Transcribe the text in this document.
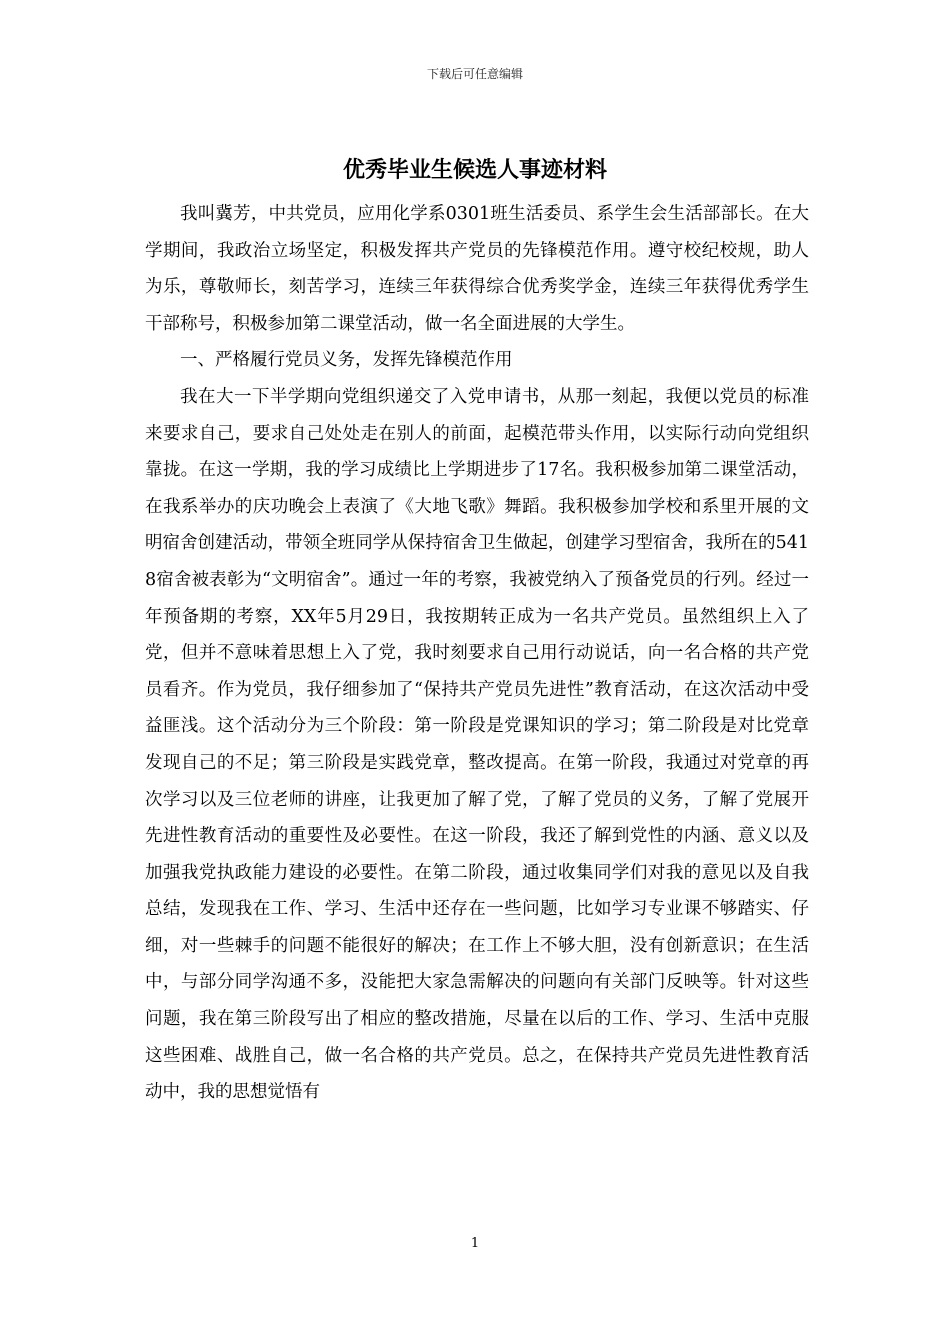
下载后可任意编辑
优秀毕业生候选人事迹材料

我叫冀芳，中共党员，应用化学系0301班生活委员、系学生会生活部部长。在大学期间，我政治立场坚定，积极发挥共产党员的先锋模范作用。遵守校纪校规，助人为乐，尊敬师长，刻苦学习，连续三年获得综合优秀奖学金，连续三年获得优秀学生干部称号，积极参加第二课堂活动，做一名全面进展的大学生。

一、严格履行党员义务，发挥先锋模范作用

我在大一下半学期向党组织递交了入党申请书，从那一刻起，我便以党员的标准来要求自己，要求自己处处走在别人的前面，起模范带头作用，以实际行动向党组织靠拢。在这一学期，我的学习成绩比上学期进步了17名。我积极参加第二课堂活动，在我系举办的庆功晚会上表演了《大地飞歌》舞蹈。我积极参加学校和系里开展的文明宿舍创建活动，带领全班同学从保持宿舍卫生做起，创建学习型宿舍，我所在的5418宿舍被表彰为“文明宿舍”。通过一年的考察，我被党纳入了预备党员的行列。经过一年预备期的考察，XX年5月29日，我按期转正成为一名共产党员。虽然组织上入了党，但并不意味着思想上入了党，我时刻要求自己用行动说话，向一名合格的共产党员看齐。作为党员，我仔细参加了“保持共产党员先进性”教育活动，在这次活动中受益匪浅。这个活动分为三个阶段：第一阶段是党课知识的学习；第二阶段是对比党章发现自己的不足；第三阶段是实践党章，整改提高。在第一阶段，我通过对党章的再次学习以及三位老师的讲座，让我更加了解了党，了解了党员的义务，了解了党展开先进性教育活动的重要性及必要性。在这一阶段，我还了解到党性的内涵、意义以及加强我党执政能力建设的必要性。在第二阶段，通过收集同学们对我的意见以及自我总结，发现我在工作、学习、生活中还存在一些问题，比如学习专业课不够踏实、仔细，对一些棘手的问题不能很好的解决；在工作上不够大胆，没有创新意识；在生活中，与部分同学沟通不多，没能把大家急需解决的问题向有关部门反映等。针对这些问题，我在第三阶段写出了相应的整改措施，尽量在以后的工作、学习、生活中克服这些困难、战胜自己，做一名合格的共产党员。总之，在保持共产党员先进性教育活动中，我的思想觉悟有

1
